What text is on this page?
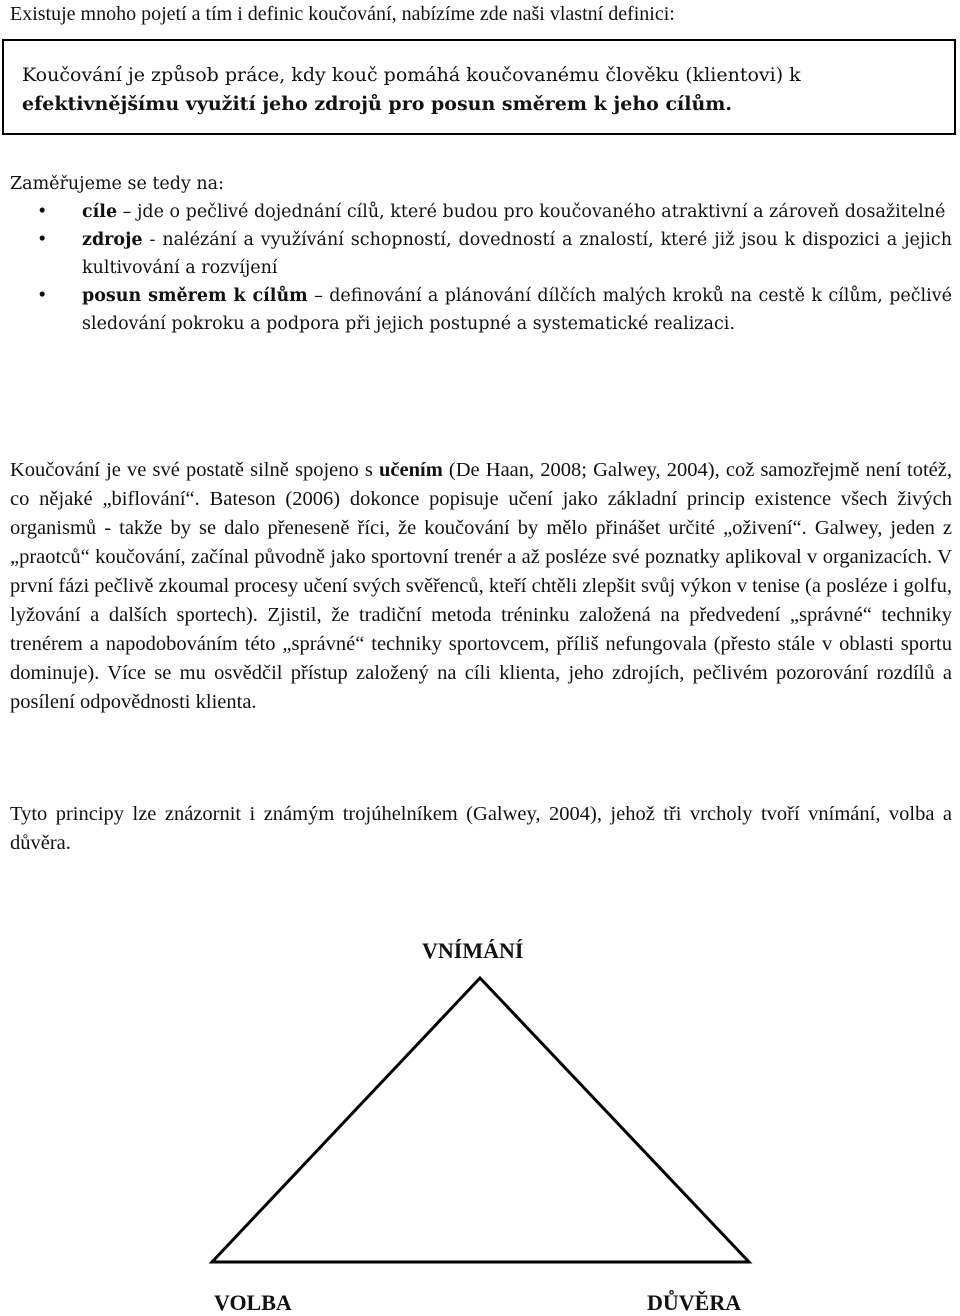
Existuje mnoho pojetí a tím i definic koučování, nabízíme zde naši vlastní definici:
Koučování je způsob práce, kdy kouč pomáhá koučovanému člověku (klientovi) k
efektivnějšímu využití jeho zdrojů pro posun směrem k jeho cílům.
Zaměřujeme se tedy na:
• cíle – jde o pečlivé dojednání cílů, které budou pro koučovaného atraktivní a zároveň dosažitelné
• zdroje - nalézání a využívání schopností, dovedností a znalostí, které již jsou k dispozici a jejich kultivování a rozvíjení
• posun směrem k cílům – definování a plánování dílčích malých kroků na cestě k cílům, pečlivé sledování pokroku a podpora při jejich postupné a systematické realizaci.
Koučování je ve své postatě silně spojeno s učením (De Haan, 2008; Galwey, 2004), což samozřejmě není totéž, co nějaké „biflování“. Bateson (2006) dokonce popisuje učení jako základní princip existence všech živých organismů - takže by se dalo přeneseně říci, že koučování by mělo přinášet určité „oživení“. Galwey, jeden z „praotců“ koučování, začínal původně jako sportovní trenér a až posléze své poznatky aplikoval v organizacích. V první fázi pečlivě zkoumal procesy učení svých svěřenců, kteří chtěli zlepšit svůj výkon v tenise (a posléze i golfu, lyžování a dalších sportech). Zjistil, že tradiční metoda tréninku založená na předvedení „správné“ techniky trenérem a napodobováním této „správné“ techniky sportovcem, příliš nefungovala (přesto stále v oblasti sportu dominuje). Více se mu osvědčil přístup založený na cíli klienta, jeho zdrojích, pečlivém pozorování rozdílů a posílení odpovědnosti klienta.
Tyto principy lze znázornit i známým trojúhelníkem (Galwey, 2004), jehož tři vrcholy tvoří vnímání, volba a důvěra.
VNÍMÁNÍ
VOLBA	DŮVĚRA
